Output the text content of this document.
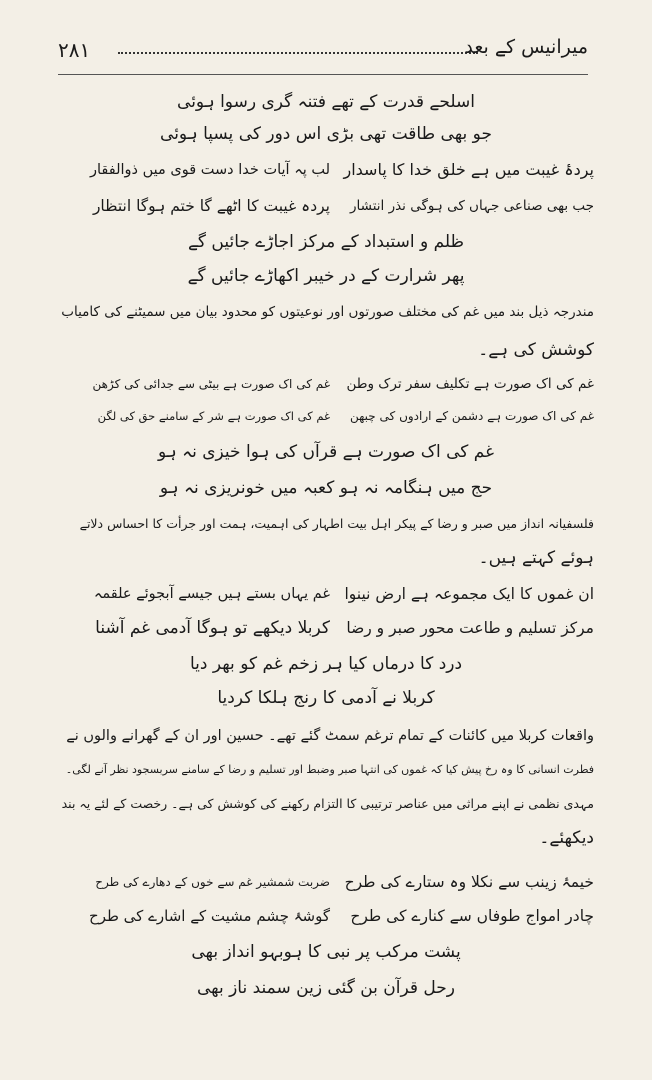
۲۸۱	میرانیس کے بعد
اسلحے قدرت کے تھے فتنہ گری رسوا ہوئی
جو بھی طاقت تھی بڑی اس دور کی پسپا ہوئی
پردۂ غیبت میں ہے خلق خدا کا پاسدار
لب پہ آیات خدا دست قوی میں ذوالفقار
جب بھی صناعی جہاں کی ہوگی نذر انتشار
پردہ غیبت کا اٹھے گا ختم ہوگا انتظار
ظلم و استبداد کے مرکز اجاڑے جائیں گے
پھر شرارت کے در خیبر اکھاڑے جائیں گے
مندرجہ ذیل بند میں غم کی مختلف صورتوں اور نوعیتوں کو محدود بیان میں سمیٹنے کی کامیاب
کوشش کی ہے۔
غم کی اک صورت ہے تکلیف سفر ترک وطن
غم کی اک صورت ہے بیٹی سے جدائی کی کڑھن
غم کی اک صورت ہے دشمن کے ارادوں کی چبھن
غم کی اک صورت ہے شر کے سامنے حق کی لگن
غم کی اک صورت ہے قرآں کی ہوا خیزی نہ ہو
حج میں ہنگامہ نہ ہو کعبہ میں خونریزی نہ ہو
فلسفیانہ انداز میں صبر و رضا کے پیکر اہل بیت اطہار کی اہمیت، ہمت اور جرأت کا احساس دلاتے
ہوئے کہتے ہیں۔
ان غموں کا ایک مجموعہ ہے ارض نینوا
غم یہاں بستے ہیں جیسے آبجوئے علقمہ
مرکز تسلیم و طاعت محور صبر و رضا
کربلا دیکھے تو ہوگا آدمی غم آشنا
درد کا درماں کیا ہر زخم غم کو بھر دیا
کربلا نے آدمی کا رنج ہلکا کردیا
واقعات کربلا میں کائنات کے تمام ترغم سمٹ گئے تھے۔ حسین اور ان کے گھرانے والوں نے
فطرت انسانی کا وہ رخ پیش کیا کہ غموں کی انتہا صبر وضبط اور تسلیم و رضا کے سامنے سربسجود نظر آنے لگی۔
مہدی نظمی نے اپنے مراثی میں عناصر ترتیبی کا التزام رکھنے کی کوشش کی ہے۔ رخصت کے لئے یہ بند
دیکھئے۔
خیمۂ زینب سے نکلا وہ ستارے کی طرح
ضربت شمشیر غم سے خوں کے دھارے کی طرح
چادر امواج طوفاں سے کنارے کی طرح
گوشۂ چشم مشیت کے اشارے کی طرح
پشت مرکب پر نبی کا ہوبہو انداز بھی
رحل قرآن بن گئی زین سمند ناز بھی
